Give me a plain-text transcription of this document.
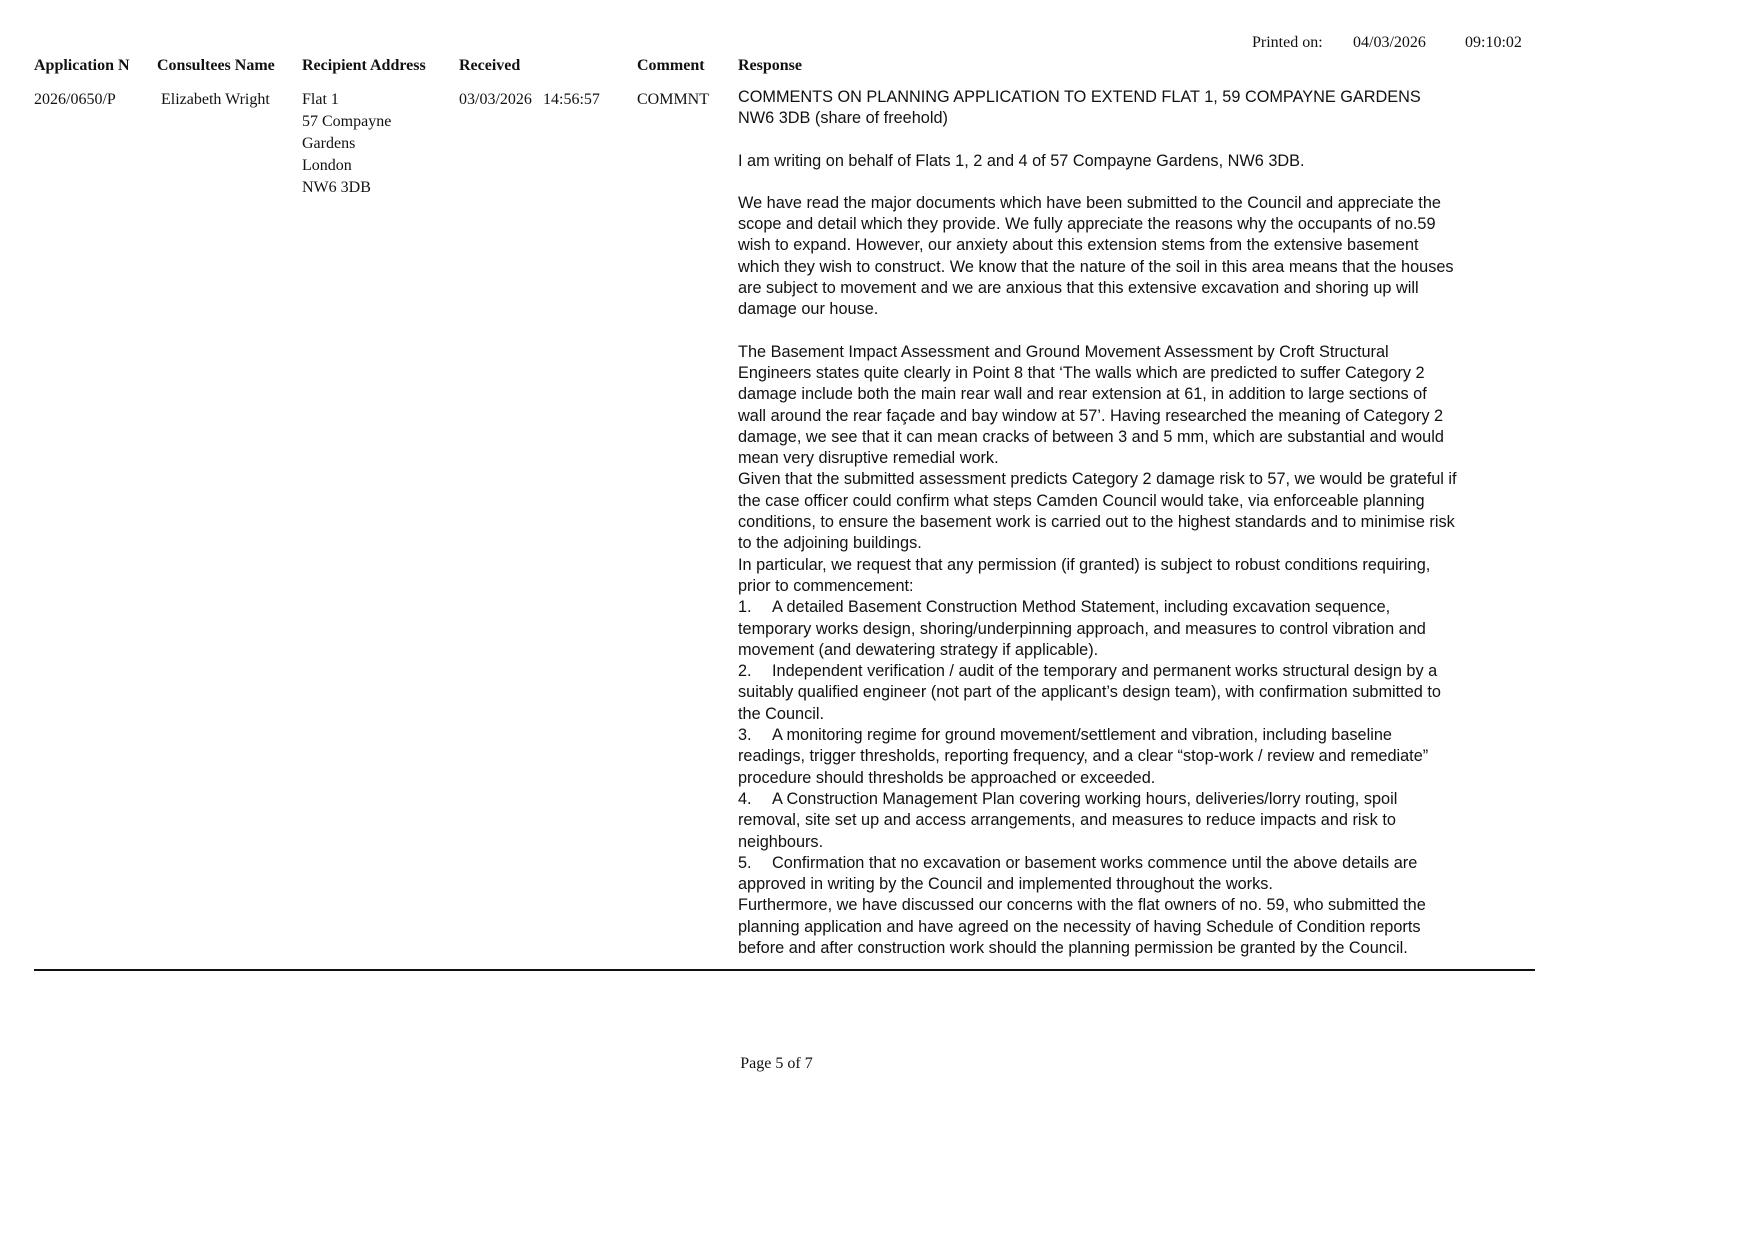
Printed on: 04/03/2026 09:10:02
Application N Consultees Name Recipient Address Received	Comment Response
2026/0650/P	Elizabeth Wright Flat 1
57 Compayne
Gardens
London
NW6 3DB
03/03/2026 14:56:57 COMMNT COMMENTS ON PLANNING APPLICATION TO EXTEND FLAT 1, 59 COMPAYNE GARDENS NW6 3DB (share of freehold)

I am writing on behalf of Flats 1, 2 and 4 of 57 Compayne Gardens, NW6 3DB.

We have read the major documents which have been submitted to the Council and appreciate the scope and detail which they provide. We fully appreciate the reasons why the occupants of no.59 wish to expand. However, our anxiety about this extension stems from the extensive basement which they wish to construct. We know that the nature of the soil in this area means that the houses are subject to movement and we are anxious that this extensive excavation and shoring up will damage our house.

The Basement Impact Assessment and Ground Movement Assessment by Croft Structural Engineers states quite clearly in Point 8 that ‘The walls which are predicted to suffer Category 2 damage include both the main rear wall and rear extension at 61, in addition to large sections of wall around the rear façade and bay window at 57’. Having researched the meaning of Category 2 damage, we see that it can mean cracks of between 3 and 5 mm, which are substantial and would mean very disruptive remedial work.

Given that the submitted assessment predicts Category 2 damage risk to 57, we would be grateful if the case officer could confirm what steps Camden Council would take, via enforceable planning conditions, to ensure the basement work is carried out to the highest standards and to minimise risk to the adjoining buildings.

In particular, we request that any permission (if granted) is subject to robust conditions requiring, prior to commencement:

1. A detailed Basement Construction Method Statement, including excavation sequence, temporary works design, shoring/underpinning approach, and measures to control vibration and movement (and dewatering strategy if applicable).

2. Independent verification / audit of the temporary and permanent works structural design by a suitably qualified engineer (not part of the applicant’s design team), with confirmation submitted to the Council.

3. A monitoring regime for ground movement/settlement and vibration, including baseline readings, trigger thresholds, reporting frequency, and a clear “stop-work / review and remediate” procedure should thresholds be approached or exceeded.

4. A Construction Management Plan covering working hours, deliveries/lorry routing, spoil removal, site set up and access arrangements, and measures to reduce impacts and risk to neighbours.

5. Confirmation that no excavation or basement works commence until the above details are approved in writing by the Council and implemented throughout the works.

Furthermore, we have discussed our concerns with the flat owners of no. 59, who submitted the planning application and have agreed on the necessity of having Schedule of Condition reports before and after construction work should the planning permission be granted by the Council.

Page 5 of 7
